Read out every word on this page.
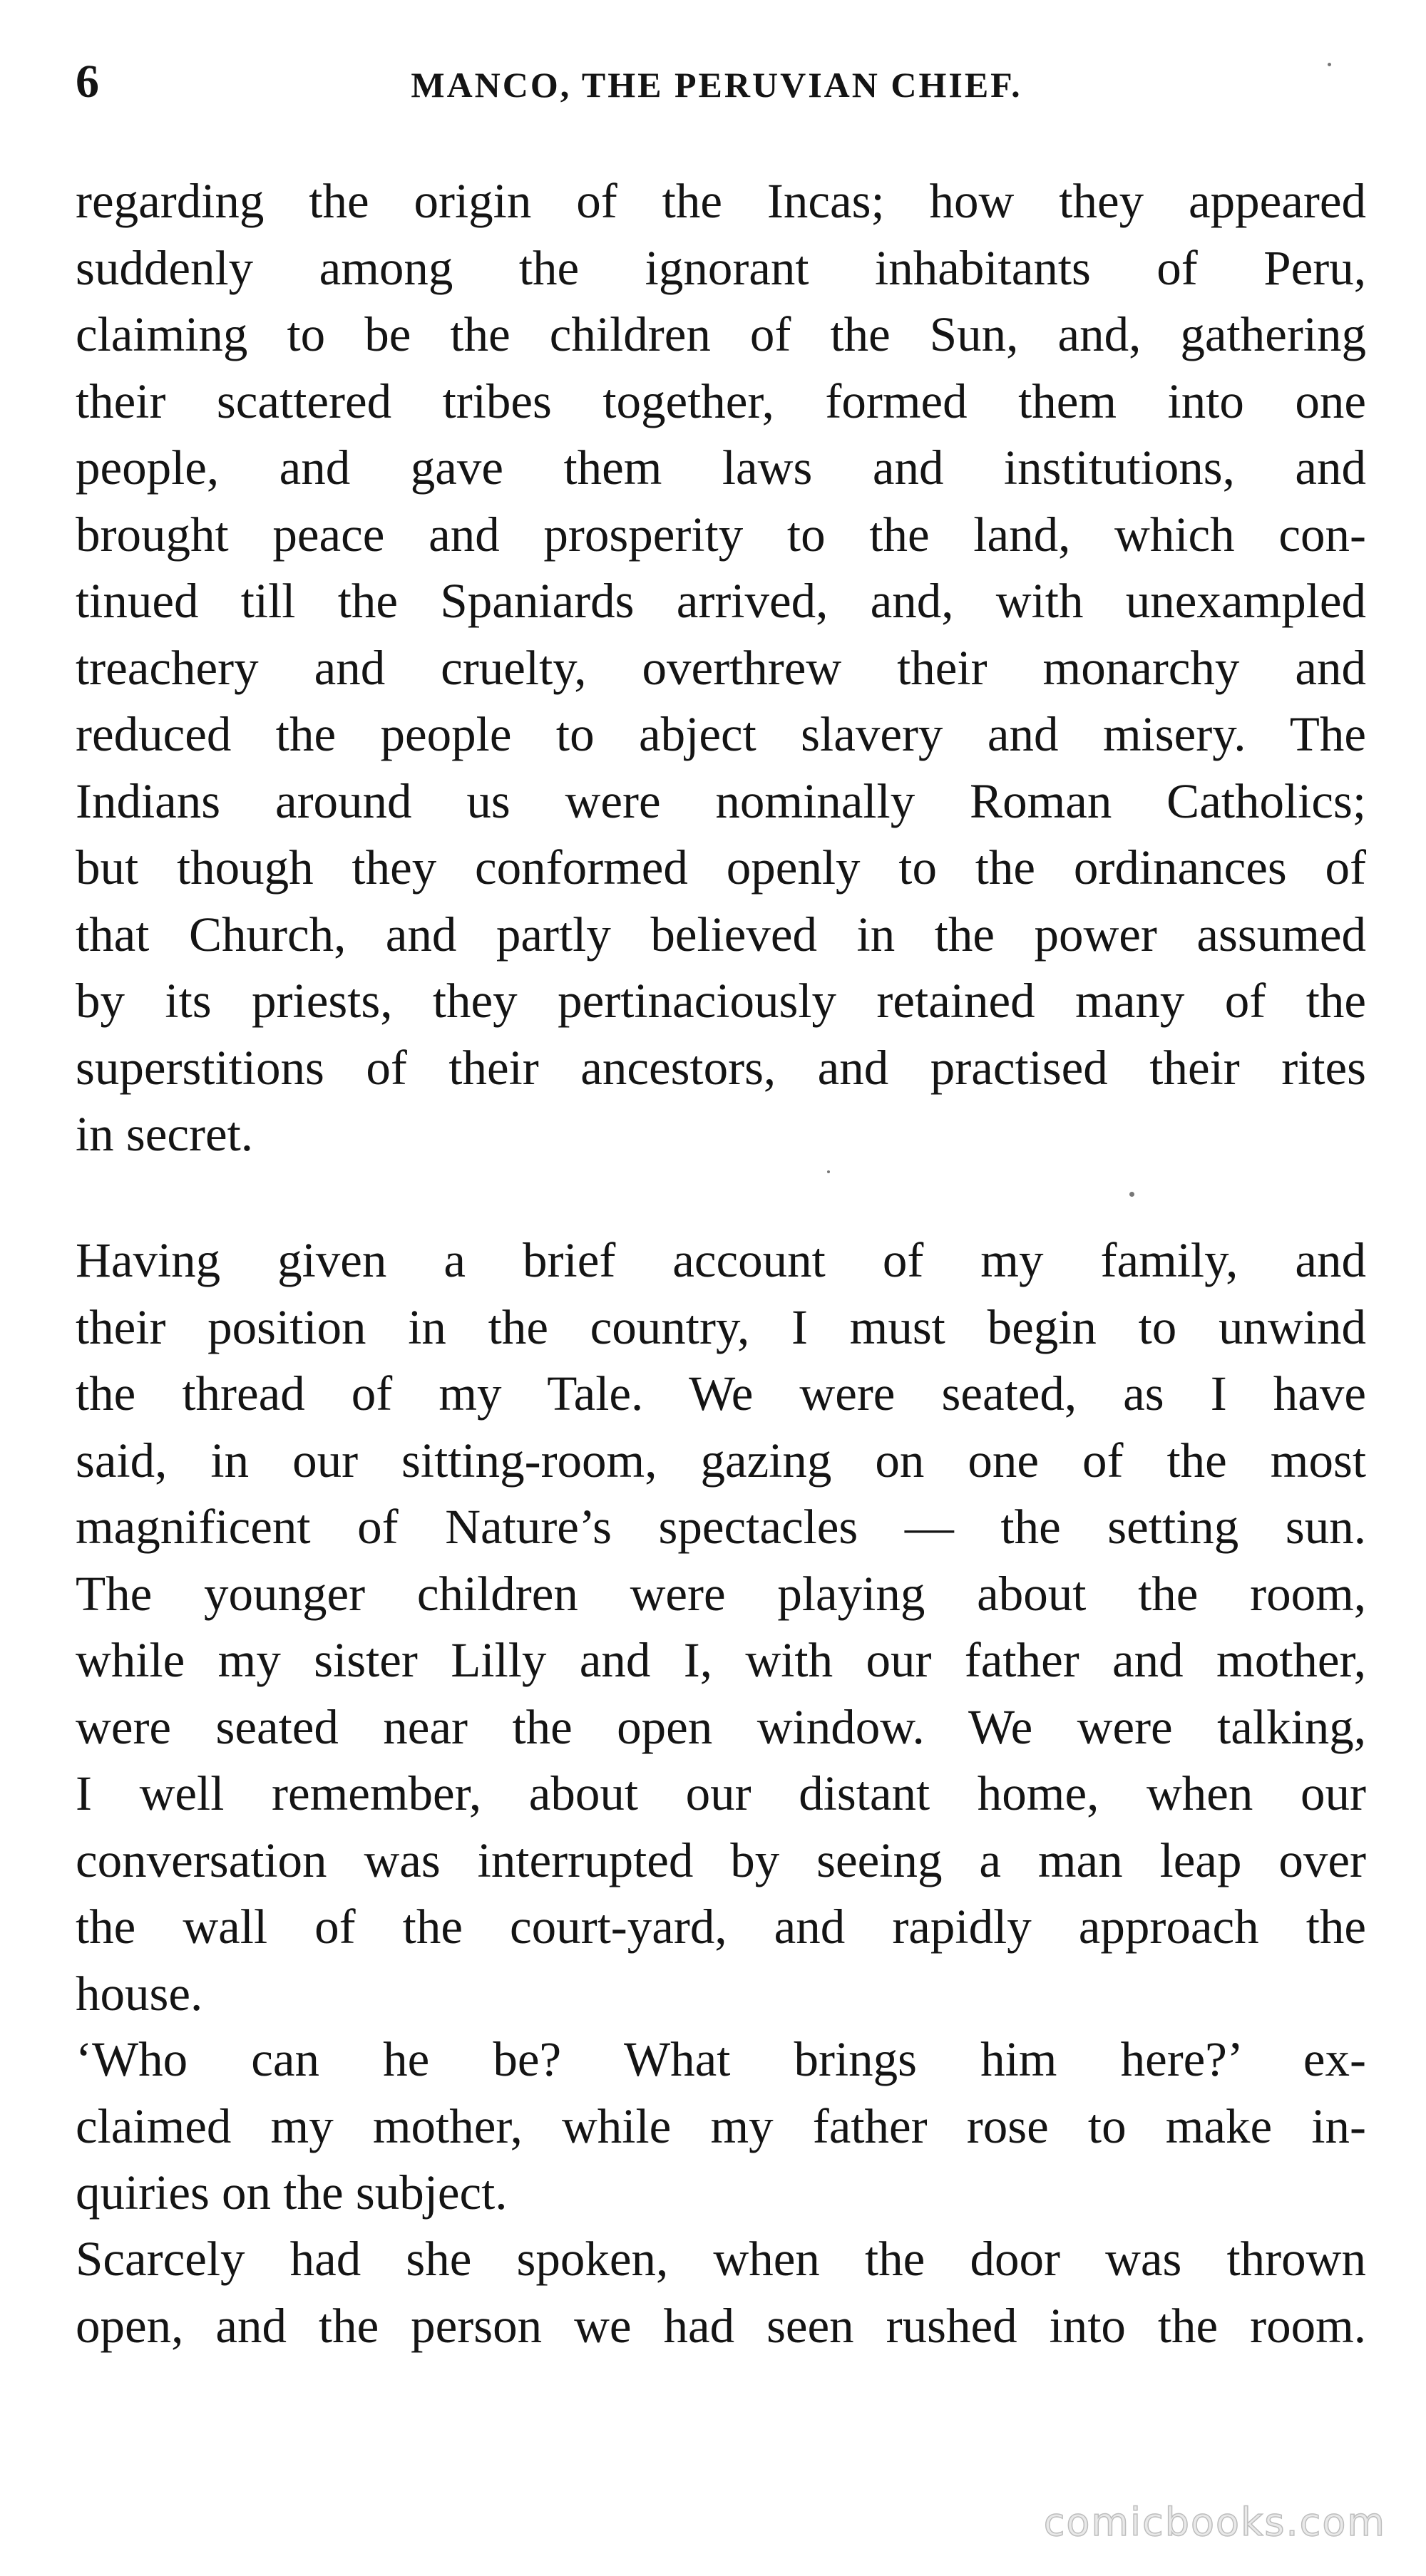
6	MANCO, THE PERUVIAN CHIEF.
regarding the origin of the Incas; how they appeared
suddenly among the ignorant inhabitants of Peru,
claiming to be the children of the Sun, and, gathering
their scattered tribes together, formed them into one
people, and gave them laws and institutions, and
brought peace and prosperity to the land, which con-
tinued till the Spaniards arrived, and, with unexampled
treachery and cruelty, overthrew their monarchy and
reduced the people to abject slavery and misery. The
Indians around us were nominally Roman Catholics;
but though they conformed openly to the ordinances of
that Church, and partly believed in the power assumed
by its priests, they pertinaciously retained many of the
superstitions of their ancestors, and practised their rites
in secret.
Having given a brief account of my family, and
their position in the country, I must begin to unwind
the thread of my Tale. We were seated, as I have
said, in our sitting-room, gazing on one of the most
magnificent of Nature’s spectacles — the setting sun.
The younger children were playing about the room,
while my sister Lilly and I, with our father and mother,
were seated near the open window. We were talking,
I well remember, about our distant home, when our
conversation was interrupted by seeing a man leap over
the wall of the court-yard, and rapidly approach the
house.
‘Who can he be? What brings him here?’ ex-
claimed my mother, while my father rose to make in-
quiries on the subject.
Scarcely had she spoken, when the door was thrown
open, and the person we had seen rushed into the room.
comicbooks.com
